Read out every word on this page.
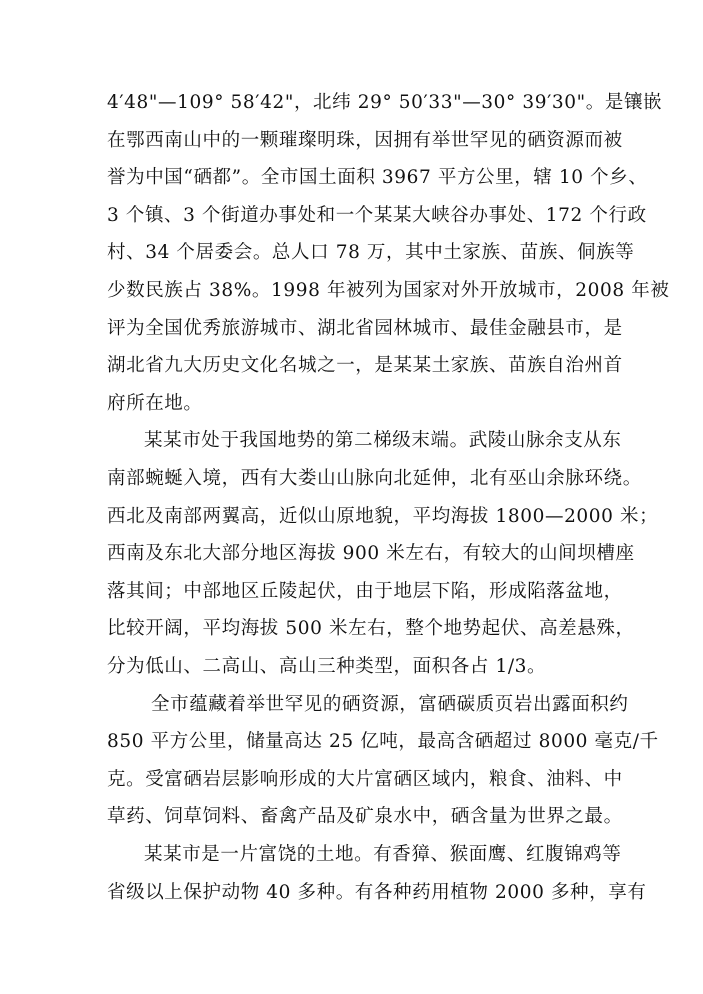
4′48"—109° 58′42"，北纬 29° 50′33"—30° 39′30"。是镶嵌
在鄂西南山中的一颗璀璨明珠，因拥有举世罕见的硒资源而被
誉为中国“硒都”。全市国土面积 3967 平方公里，辖 10 个乡、
3 个镇、3 个街道办事处和一个某某大峡谷办事处、172 个行政
村、34 个居委会。总人口 78 万，其中土家族、苗族、侗族等
少数民族占 38%。1998 年被列为国家对外开放城市，2008 年被
评为全国优秀旅游城市、湖北省园林城市、最佳金融县市，是
湖北省九大历史文化名城之一，是某某土家族、苗族自治州首
府所在地。
某某市处于我国地势的第二梯级末端。武陵山脉余支从东
南部蜿蜒入境，西有大娄山山脉向北延伸，北有巫山余脉环绕。
西北及南部两翼高，近似山原地貌，平均海拔 1800—2000 米；
西南及东北大部分地区海拔 900 米左右，有较大的山间坝槽座
落其间；中部地区丘陵起伏，由于地层下陷，形成陷落盆地，
比较开阔，平均海拔 500 米左右，整个地势起伏、高差悬殊，
分为低山、二高山、高山三种类型，面积各占 1/3。
全市蕴藏着举世罕见的硒资源，富硒碳质页岩出露面积约
850 平方公里，储量高达 25 亿吨，最高含硒超过 8000 毫克/千
克。受富硒岩层影响形成的大片富硒区域内，粮食、油料、中
草药、饲草饲料、畜禽产品及矿泉水中，硒含量为世界之最。
某某市是一片富饶的土地。有香獐、猴面鹰、红腹锦鸡等
省级以上保护动物 40 多种。有各种药用植物 2000 多种，享有
